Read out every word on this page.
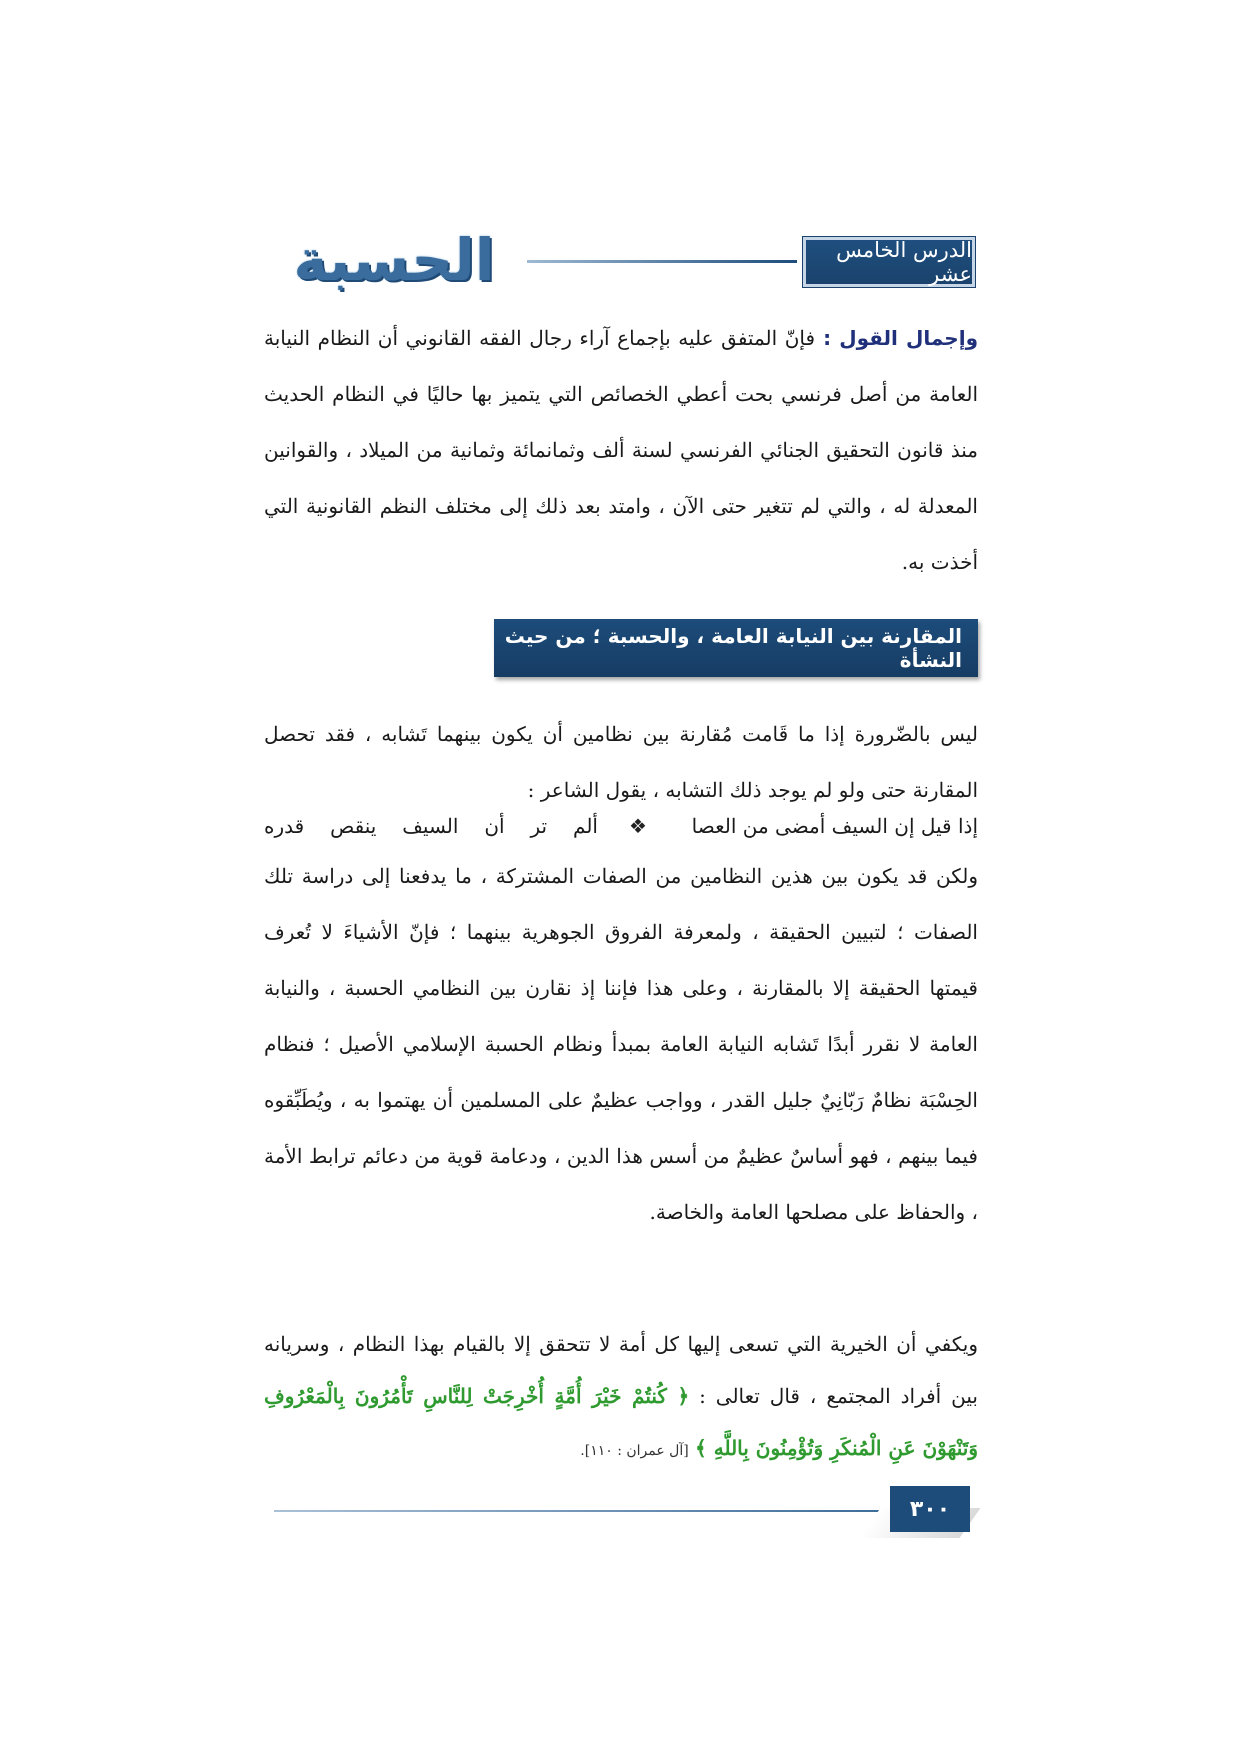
الحسبة	الدرس الخامس عشر

وإجمال القول :فإنّ المتفق عليه بإجماع آراء رجال الفقه القانوني أن النظام النيابة العامة من أصل فرنسي بحت أعطي الخصائص التي يتميز بها حاليًا في النظام الحديث منذ قانون التحقيق الجنائي الفرنسي لسنة ألف وثمانمائة وثمانية من الميلاد ، والقوانين المعدلة له ، والتي لم تتغير حتى الآن ، وامتد بعد ذلك إلى مختلف النظم القانونية التي أخذت به.

المقارنة بين النيابة العامة ، والحسبة ؛ من حيث النشأة

ليس بالضّرورة إذا ما قَامت مُقارنة بين نظامين أن يكون بينهما تَشابه ، فقد تحصل المقارنة حتى ولو لم يوجد ذلك التشابه ، يقول الشاعر :

إذا قيل إن السيف أمضى من العصا
❖
ألم تر أن السيف ينقص قدره

ولكن قد يكون بين هذين النظامين من الصفات المشتركة ، ما يدفعنا إلى دراسة تلك الصفات ؛ لتبيين الحقيقة ، ولمعرفة الفروق الجوهرية بينهما ؛ فإنّ الأشياءَ لا تُعرف قيمتها الحقيقة إلا بالمقارنة ، وعلى هذا فإننا إذ نقارن بين النظامي الحسبة ، والنيابة العامة لا نقرر أبدًا تَشابه النيابة العامة بمبدأ ونظام الحسبة الإسلامي الأصيل ؛ فنظام الحِسْبَة نظامٌ رَبّانِيٌ جليل القدر ، وواجب عظيمٌ على المسلمين أن يهتموا به ، ويُطَبِّقوه فيما بينهم ، فهو أساسٌ عظيمٌ من أسس هذا الدين ، ودعامة قوية من دعائم ترابط الأمة ، والحفاظ على مصلحها العامة والخاصة.

ويكفي أن الخيرية التي تسعى إليها كل أمة لا تتحقق إلا بالقيام بهذا النظام ، وسريانه بين أفراد المجتمع ، قال تعالى : ﴿ كُنتُمْ خَيْرَ أُمَّةٍ أُخْرِجَتْ لِلنَّاسِ تَأْمُرُونَ بِالْمَعْرُوفِ وَتَنْهَوْنَ عَنِ الْمُنكَرِ وَتُؤْمِنُونَ بِاللَّهِ ﴾ [آل عمران : ١١٠].

٣٠٠
